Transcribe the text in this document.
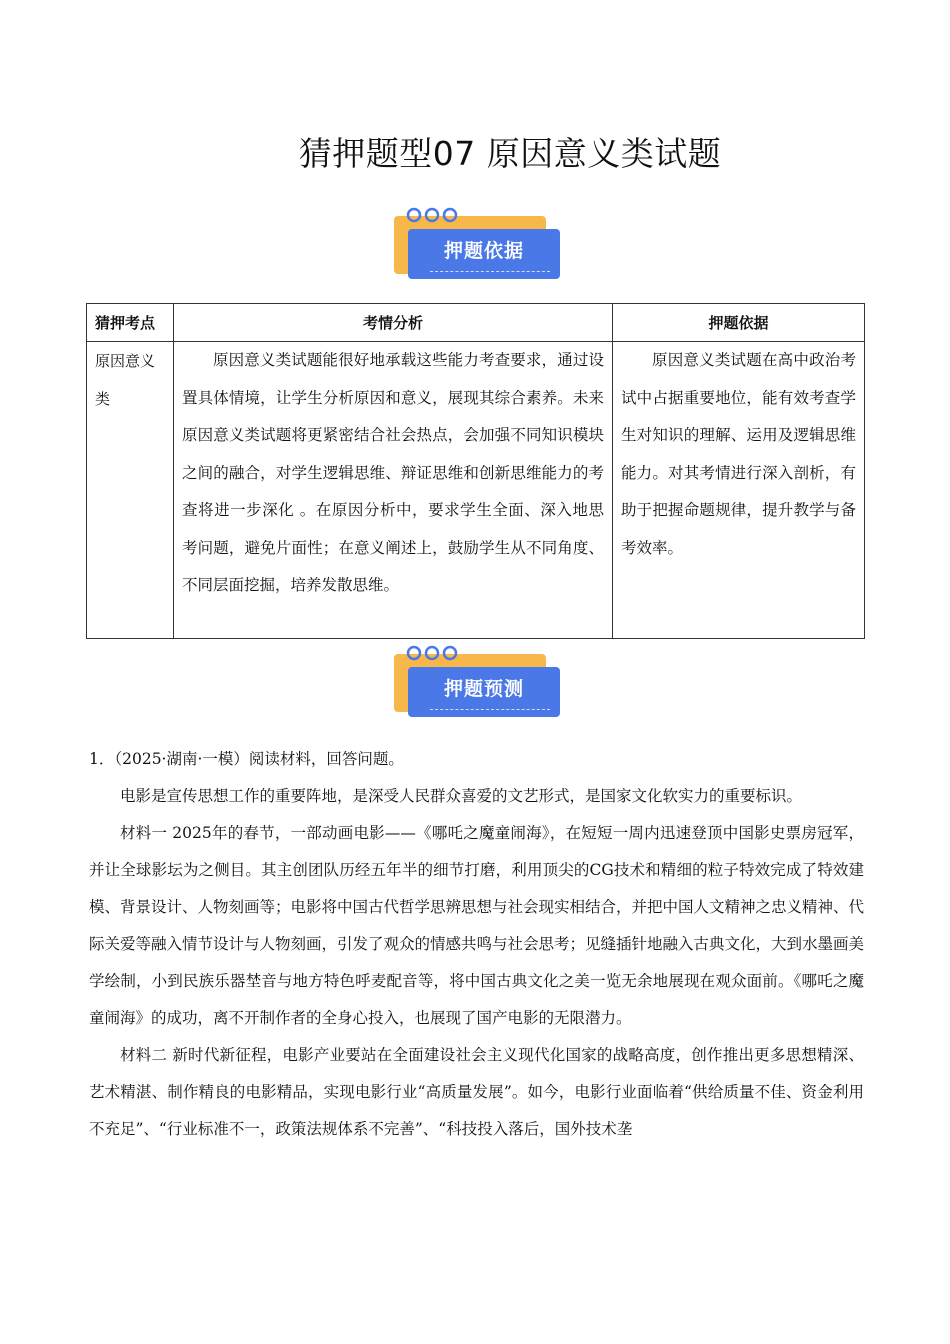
猜押题型07 原因意义类试题
押题依据
猜押考点	考情分析	押题依据
原因意义类	原因意义类试题能很好地承载这些能力考查要求，通过设置具体情境，让学生分析原因和意义，展现其综合素养。未来原因意义类试题将更紧密结合社会热点，会加强不同知识模块之间的融合，对学生逻辑思维、辩证思维和创新思维能力的考查将进一步深化 。在原因分析中，要求学生全面、深入地思考问题，避免片面性；在意义阐述上，鼓励学生从不同角度、不同层面挖掘，培养发散思维。	原因意义类试题在高中政治考试中占据重要地位，能有效考查学生对知识的理解、运用及逻辑思维能力。对其考情进行深入剖析，有助于把握命题规律，提升教学与备考效率。

押题预测

1．（2025·湖南·一模）阅读材料，回答问题。

电影是宣传思想工作的重要阵地，是深受人民群众喜爱的文艺形式，是国家文化软实力的重要标识。

材料一 2025年的春节，一部动画电影——《哪吒之魔童闹海》，在短短一周内迅速登顶中国影史票房冠军，并让全球影坛为之侧目。其主创团队历经五年半的细节打磨，利用顶尖的CG技术和精细的粒子特效完成了特效建模、背景设计、人物刻画等；电影将中国古代哲学思辨思想与社会现实相结合，并把中国人文精神之忠义精神、代际关爱等融入情节设计与人物刻画，引发了观众的情感共鸣与社会思考；见缝插针地融入古典文化，大到水墨画美学绘制，小到民族乐器埜音与地方特色呼麦配音等，将中国古典文化之美一览无余地展现在观众面前。《哪吒之魔童闹海》的成功，离不开制作者的全身心投入，也展现了国产电影的无限潜力。

材料二 新时代新征程，电影产业要站在全面建设社会主义现代化国家的战略高度，创作推出更多思想精深、艺术精湛、制作精良的电影精品，实现电影行业“高质量发展”。如今，电影行业面临着“供给质量不佳、资金利用不充足”、“行业标准不一，政策法规体系不完善”、“科技投入落后，国外技术垄
